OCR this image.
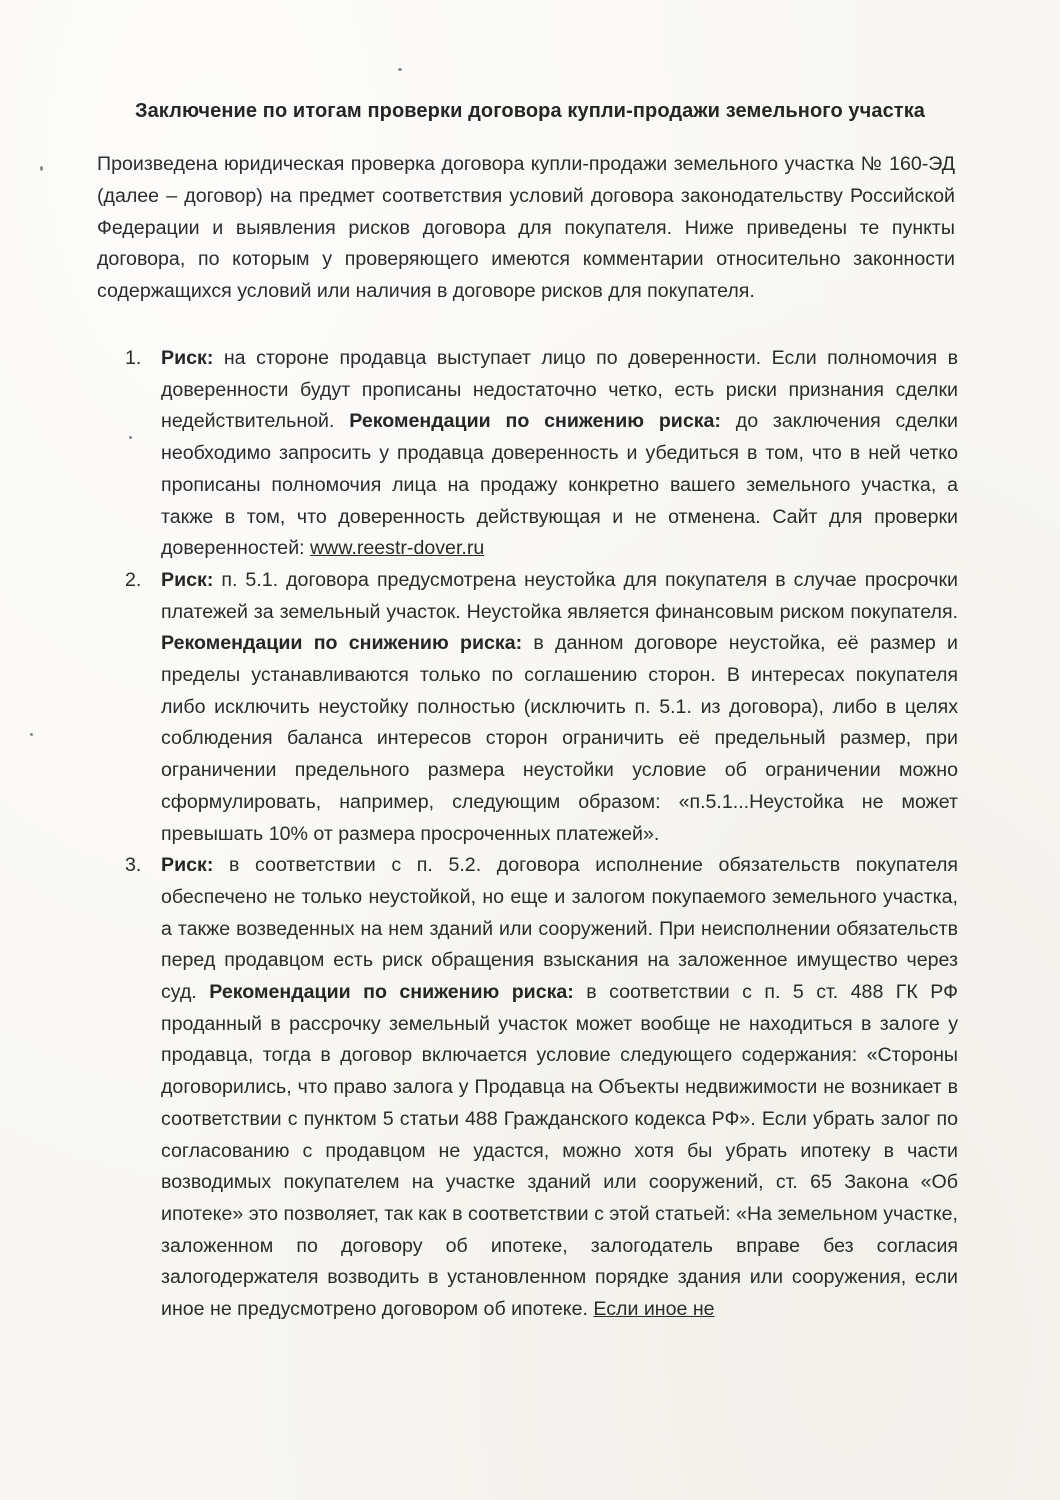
Заключение по итогам проверки договора купли-продажи земельного участка
Произведена юридическая проверка договора купли-продажи земельного участка № 160-ЭД (далее – договор) на предмет соответствия условий договора законодательству Российской Федерации и выявления рисков договора для покупателя. Ниже приведены те пункты договора, по которым у проверяющего имеются комментарии относительно законности содержащихся условий или наличия в договоре рисков для покупателя.
1. Риск: на стороне продавца выступает лицо по доверенности. Если полномочия в доверенности будут прописаны недостаточно четко, есть риски признания сделки недействительной. Рекомендации по снижению риска: до заключения сделки необходимо запросить у продавца доверенность и убедиться в том, что в ней четко прописаны полномочия лица на продажу конкретно вашего земельного участка, а также в том, что доверенность действующая и не отменена. Сайт для проверки доверенностей: www.reestr-dover.ru
2. Риск: п. 5.1. договора предусмотрена неустойка для покупателя в случае просрочки платежей за земельный участок. Неустойка является финансовым риском покупателя. Рекомендации по снижению риска: в данном договоре неустойка, её размер и пределы устанавливаются только по соглашению сторон. В интересах покупателя либо исключить неустойку полностью (исключить п. 5.1. из договора), либо в целях соблюдения баланса интересов сторон ограничить её предельный размер, при ограничении предельного размера неустойки условие об ограничении можно сформулировать, например, следующим образом: «п.5.1...Неустойка не может превышать 10% от размера просроченных платежей».
3. Риск: в соответствии с п. 5.2. договора исполнение обязательств покупателя обеспечено не только неустойкой, но еще и залогом покупаемого земельного участка, а также возведенных на нем зданий или сооружений. При неисполнении обязательств перед продавцом есть риск обращения взыскания на заложенное имущество через суд. Рекомендации по снижению риска: в соответствии с п. 5 ст. 488 ГК РФ проданный в рассрочку земельный участок может вообще не находиться в залоге у продавца, тогда в договор включается условие следующего содержания: «Стороны договорились, что право залога у Продавца на Объекты недвижимости не возникает в соответствии с пунктом 5 статьи 488 Гражданского кодекса РФ». Если убрать залог по согласованию с продавцом не удастся, можно хотя бы убрать ипотеку в части возводимых покупателем на участке зданий или сооружений, ст. 65 Закона «Об ипотеке» это позволяет, так как в соответствии с этой статьей: «На земельном участке, заложенном по договору об ипотеке, залогодатель вправе без согласия залогодержателя возводить в установленном порядке здания или сооружения, если иное не предусмотрено договором об ипотеке. Если иное не
